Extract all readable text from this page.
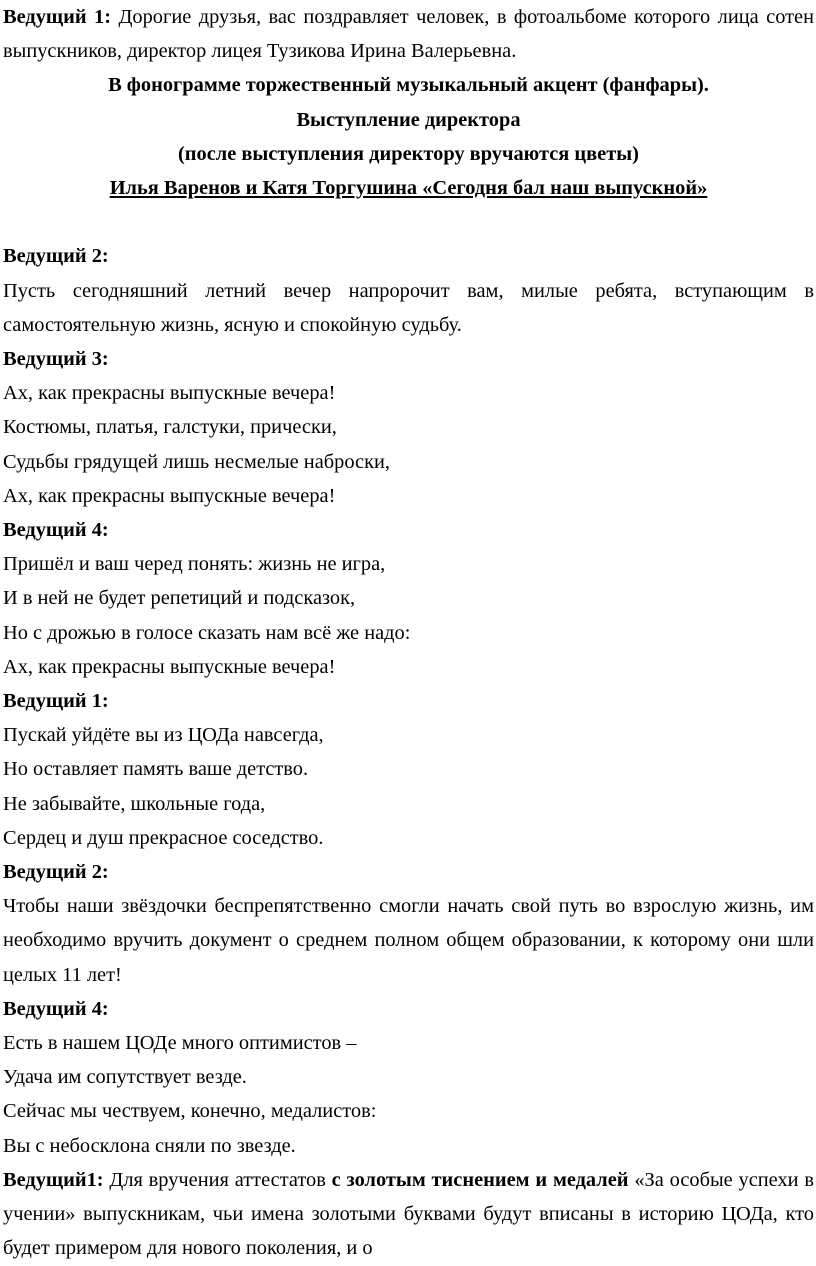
Ведущий 1: Дорогие друзья, вас поздравляет человек, в фотоальбоме которого лица сотен выпускников, директор лицея Тузикова Ирина Валерьевна.

В фонограмме торжественный музыкальный акцент (фанфары).

Выступление директора

(после выступления директору вручаются цветы)

Илья Варенов и Катя Торгушина «Сегодня бал наш выпускной»

Ведущий 2:

Пусть сегодняшний летний вечер напророчит вам, милые ребята, вступающим в самостоятельную жизнь, ясную и спокойную судьбу.

Ведущий 3:

Ах, как прекрасны выпускные вечера!

Костюмы, платья, галстуки, прически,

Судьбы грядущей лишь несмелые наброски,

Ах, как прекрасны выпускные вечера!

Ведущий 4:

Пришёл и ваш черед понять: жизнь не игра,

И в ней не будет репетиций и подсказок,

Но с дрожью в голосе сказать нам всё же надо:

Ах, как прекрасны выпускные вечера!

Ведущий 1:

Пускай уйдёте вы из ЦОДа навсегда,

Но оставляет память ваше детство.

Не забывайте, школьные года,

Сердец и душ прекрасное соседство.

Ведущий 2:

Чтобы наши звёздочки беспрепятственно смогли начать свой путь во взрослую жизнь, им необходимо вручить документ о среднем полном общем образовании, к которому они шли целых 11 лет!

Ведущий 4:

Есть в нашем ЦОДе много оптимистов –

Удача им сопутствует везде.

Сейчас мы чествуем, конечно, медалистов:

Вы с небосклона сняли по звезде.

Ведущий1: Для вручения аттестатов с золотым тиснением и медалей «За особые успехи в учении» выпускникам, чьи имена золотыми буквами будут вписаны в историю ЦОДа, кто будет примером для нового поколения, и о
